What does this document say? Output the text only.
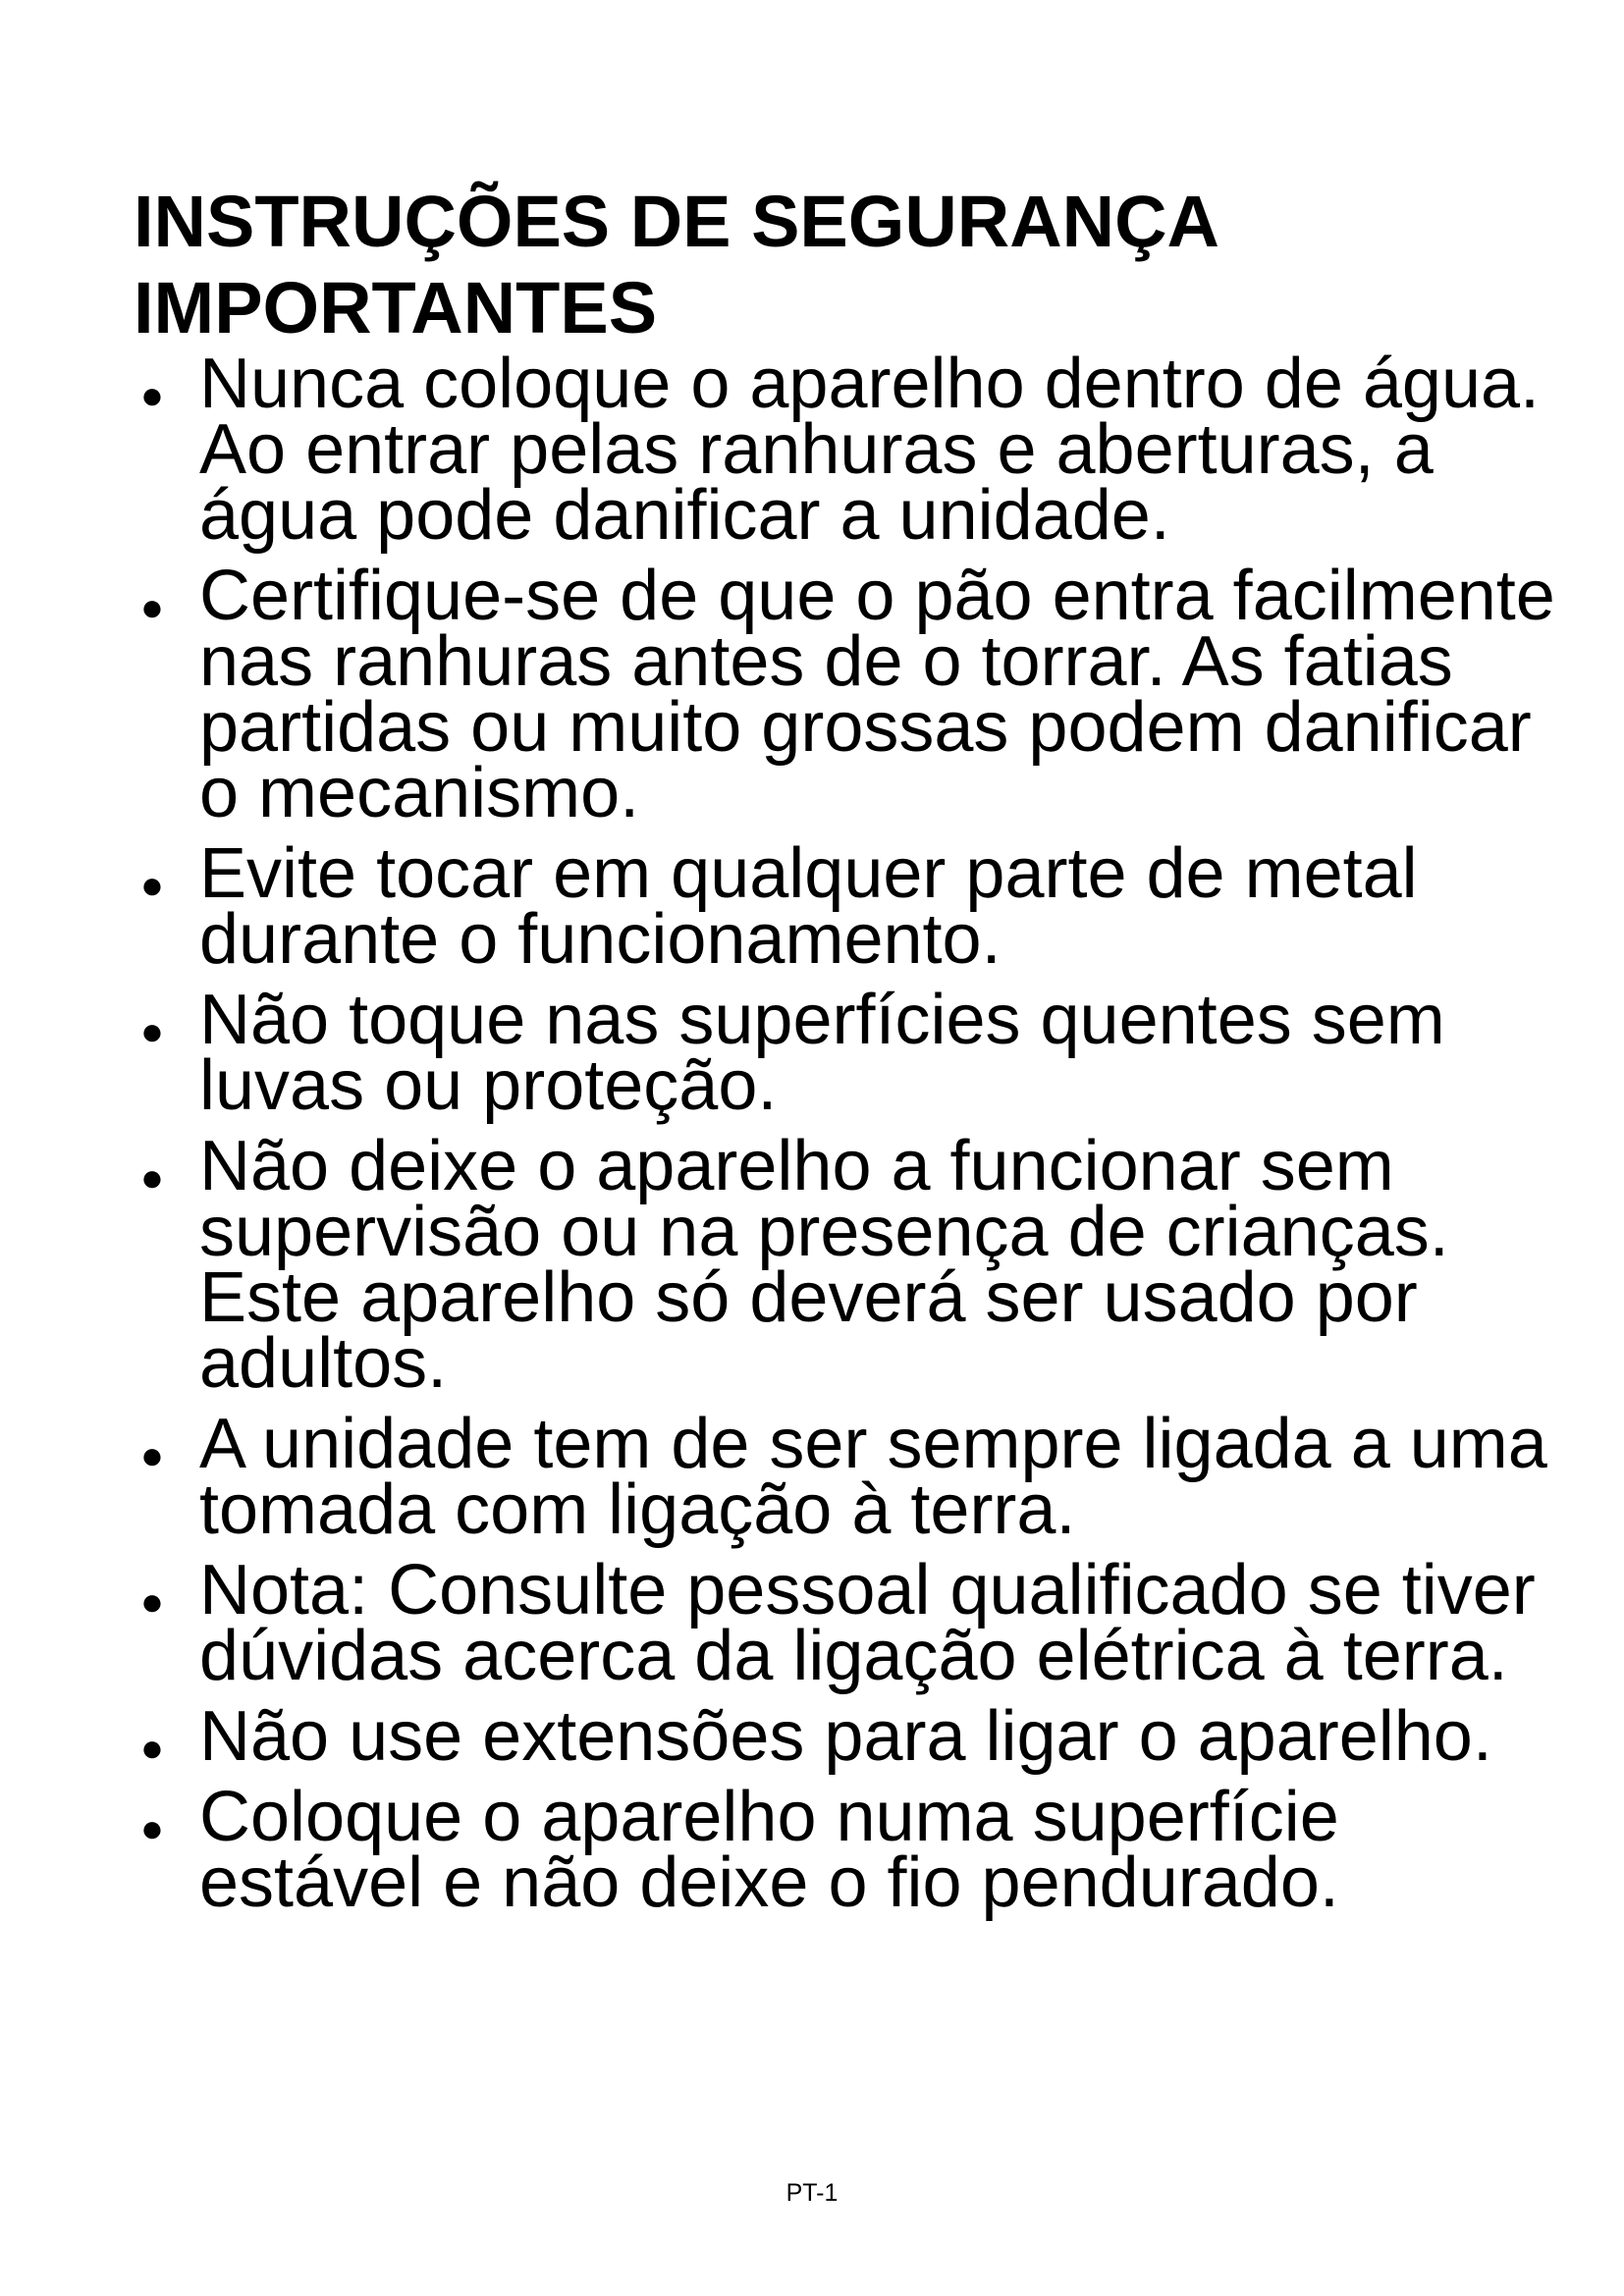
INSTRUÇÕES DE SEGURANÇA
IMPORTANTES
● Nunca coloque o aparelho dentro de água. Ao entrar pelas ranhuras e aberturas, a água pode danificar a unidade.
● Certifique-se de que o pão entra facilmente nas ranhuras antes de o torrar. As fatias partidas ou muito grossas podem danificar o mecanismo.
● Evite tocar em qualquer parte de metal durante o funcionamento.
● Não toque nas superfícies quentes sem luvas ou proteção.
● Não deixe o aparelho a funcionar sem supervisão ou na presença de crianças. Este aparelho só deverá ser usado por adultos.
● A unidade tem de ser sempre ligada a uma tomada com ligação à terra.
● Nota: Consulte pessoal qualificado se tiver dúvidas acerca da ligação elétrica à terra.
● Não use extensões para ligar o aparelho.
● Coloque o aparelho numa superfície estável e não deixe o fio pendurado.
PT-1
